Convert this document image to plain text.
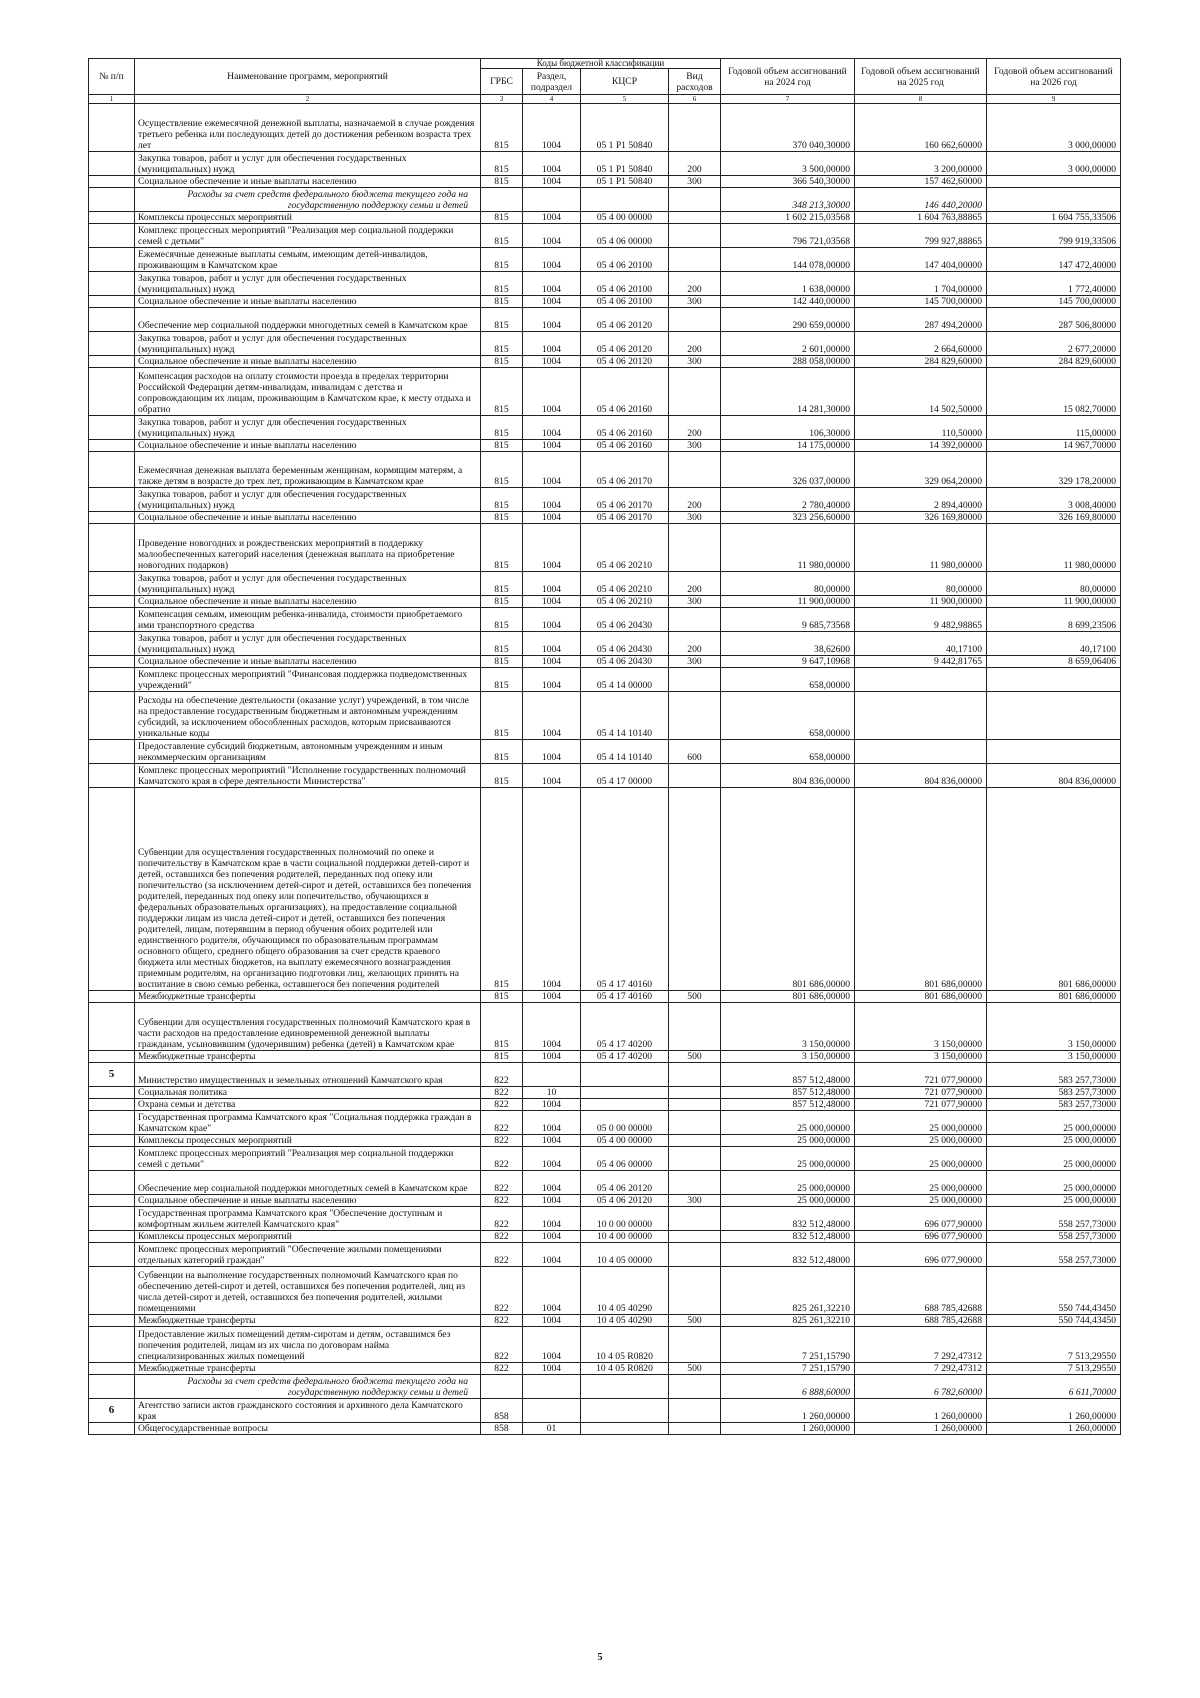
№ п/п	Наименование программ, мероприятий	Коды бюджетной классификации				Годовой объем ассигнований на 2024 год	Годовой объем ассигнований на 2025 год	Годовой объем ассигнований на 2026 год
		ГРБС	Раздел, подраздел	КЦСР	Вид расходов			
1	2	3	4	5	6	7	8	9
	Осуществление ежемесячной денежной выплаты, назначаемой в случае рождения третьего ребенка или последующих детей до достижения ребенком возраста трех лет	815	1004	05 1 P1 50840		370 040,30000	160 662,60000	3 000,00000
	Закупка товаров, работ и услуг для обеспечения государственных (муниципальных) нужд	815	1004	05 1 P1 50840	200	3 500,00000	3 200,00000	3 000,00000
	Социальное обеспечение и иные выплаты населению	815	1004	05 1 P1 50840	300	366 540,30000	157 462,60000	
	Расходы за счет средств федерального бюджета текущего года на государственную поддержку семьи и детей					348 213,30000	146 440,20000	
	Комплексы процессных мероприятий	815	1004	05 4 00 00000		1 602 215,03568	1 604 763,88865	1 604 755,33506
	Комплекс процессных мероприятий "Реализация мер социальной поддержки семей с детьми"	815	1004	05 4 06 00000		796 721,03568	799 927,88865	799 919,33506
	Ежемесячные денежные выплаты семьям, имеющим детей-инвалидов, проживающим в Камчатском крае	815	1004	05 4 06 20100		144 078,00000	147 404,00000	147 472,40000
	Закупка товаров, работ и услуг для обеспечения государственных (муниципальных) нужд	815	1004	05 4 06 20100	200	1 638,00000	1 704,00000	1 772,40000
	Социальное обеспечение и иные выплаты населению	815	1004	05 4 06 20100	300	142 440,00000	145 700,00000	145 700,00000
	Обеспечение мер социальной поддержки многодетных семей в Камчатском крае	815	1004	05 4 06 20120		290 659,00000	287 494,20000	287 506,80000
	Закупка товаров, работ и услуг для обеспечения государственных (муниципальных) нужд	815	1004	05 4 06 20120	200	2 601,00000	2 664,60000	2 677,20000
	Социальное обеспечение и иные выплаты населению	815	1004	05 4 06 20120	300	288 058,00000	284 829,60000	284 829,60000
	Компенсация расходов на оплату стоимости проезда в пределах территории Российской Федерации детям-инвалидам, инвалидам с детства и сопровождающим их лицам, проживающим в Камчатском крае, к месту отдыха и обратно	815	1004	05 4 06 20160		14 281,30000	14 502,50000	15 082,70000
	Закупка товаров, работ и услуг для обеспечения государственных (муниципальных) нужд	815	1004	05 4 06 20160	200	106,30000	110,50000	115,00000
	Социальное обеспечение и иные выплаты населению	815	1004	05 4 06 20160	300	14 175,00000	14 392,00000	14 967,70000
	Ежемесячная денежная выплата беременным женщинам, кормящим матерям, а также детям в возрасте до трех лет, проживающим в Камчатском крае	815	1004	05 4 06 20170		326 037,00000	329 064,20000	329 178,20000
	Закупка товаров, работ и услуг для обеспечения государственных (муниципальных) нужд	815	1004	05 4 06 20170	200	2 780,40000	2 894,40000	3 008,40000
	Социальное обеспечение и иные выплаты населению	815	1004	05 4 06 20170	300	323 256,60000	326 169,80000	326 169,80000
	Проведение новогодних и рождественских мероприятий в поддержку малообеспеченных категорий населения (денежная выплата на приобретение новогодних подарков)	815	1004	05 4 06 20210		11 980,00000	11 980,00000	11 980,00000
	Закупка товаров, работ и услуг для обеспечения государственных (муниципальных) нужд	815	1004	05 4 06 20210	200	80,00000	80,00000	80,00000
	Социальное обеспечение и иные выплаты населению	815	1004	05 4 06 20210	300	11 900,00000	11 900,00000	11 900,00000
	Компенсация семьям, имеющим ребенка-инвалида, стоимости приобретаемого ими транспортного средства	815	1004	05 4 06 20430		9 685,73568	9 482,98865	8 699,23506
	Закупка товаров, работ и услуг для обеспечения государственных (муниципальных) нужд	815	1004	05 4 06 20430	200	38,62600	40,17100	40,17100
	Социальное обеспечение и иные выплаты населению	815	1004	05 4 06 20430	300	9 647,10968	9 442,81765	8 659,06406
	Комплекс процессных мероприятий "Финансовая поддержка подведомственных учреждений"	815	1004	05 4 14 00000		658,00000		
	Расходы на обеспечение деятельности (оказание услуг) учреждений, в том числе на предоставление государственным бюджетным и автономным учреждениям субсидий, за исключением обособленных расходов, которым присваиваются уникальные коды	815	1004	05 4 14 10140		658,00000		
	Предоставление субсидий бюджетным, автономным учреждениям и иным некоммерческим организациям	815	1004	05 4 14 10140	600	658,00000		
	Комплекс процессных мероприятий "Исполнение государственных полномочий Камчатского края в сфере деятельности Министерства"	815	1004	05 4 17 00000		804 836,00000	804 836,00000	804 836,00000
	Субвенции для осуществления государственных полномочий по опеке и попечительству в Камчатском крае в части социальной поддержки детей-сирот и детей, оставшихся без попечения родителей, переданных под опеку или попечительство (за исключением детей-сирот и детей, оставшихся без попечения родителей, переданных под опеку или попечительство, обучающихся в федеральных образовательных организациях), на предоставление социальной поддержки лицам из числа детей-сирот и детей, оставшихся без попечения родителей, лицам, потерявшим в период обучения обоих родителей или единственного родителя, обучающимся по образовательным программам основного общего, среднего общего образования за счет средств краевого бюджета или местных бюджетов, на выплату ежемесячного вознаграждения приемным родителям, на организацию подготовки лиц, желающих принять на воспитание в свою семью ребенка, оставшегося без попечения родителей	815	1004	05 4 17 40160		801 686,00000	801 686,00000	801 686,00000
	Межбюджетные трансферты	815	1004	05 4 17 40160	500	801 686,00000	801 686,00000	801 686,00000
	Субвенции для осуществления государственных полномочий Камчатского края в части расходов на предоставление единовременной денежной выплаты гражданам, усыновившим (удочерившим) ребенка (детей) в Камчатском крае	815	1004	05 4 17 40200		3 150,00000	3 150,00000	3 150,00000
	Межбюджетные трансферты	815	1004	05 4 17 40200	500	3 150,00000	3 150,00000	3 150,00000
5	Министерство имущественных и земельных отношений Камчатского края	822				857 512,48000	721 077,90000	583 257,73000
	Социальная политика	822	10			857 512,48000	721 077,90000	583 257,73000
	Охрана семьи и детства	822	1004			857 512,48000	721 077,90000	583 257,73000
	Государственная программа Камчатского края "Социальная поддержка граждан в Камчатском крае"	822	1004	05 0 00 00000		25 000,00000	25 000,00000	25 000,00000
	Комплексы процессных мероприятий	822	1004	05 4 00 00000		25 000,00000	25 000,00000	25 000,00000
	Комплекс процессных мероприятий "Реализация мер социальной поддержки семей с детьми"	822	1004	05 4 06 00000		25 000,00000	25 000,00000	25 000,00000
	Обеспечение мер социальной поддержки многодетных семей в Камчатском крае	822	1004	05 4 06 20120		25 000,00000	25 000,00000	25 000,00000
	Социальное обеспечение и иные выплаты населению	822	1004	05 4 06 20120	300	25 000,00000	25 000,00000	25 000,00000
	Государственная программа Камчатского края "Обеспечение доступным и комфортным жильем жителей Камчатского края"	822	1004	10 0 00 00000		832 512,48000	696 077,90000	558 257,73000
	Комплексы процессных мероприятий	822	1004	10 4 00 00000		832 512,48000	696 077,90000	558 257,73000
	Комплекс процессных мероприятий "Обеспечение жилыми помещениями отдельных категорий граждан"	822	1004	10 4 05 00000		832 512,48000	696 077,90000	558 257,73000
	Субвенции на выполнение государственных полномочий Камчатского края по обеспечению детей-сирот и детей, оставшихся без попечения родителей, лиц из числа детей-сирот и детей, оставшихся без попечения родителей, жилыми помещениями	822	1004	10 4 05 40290		825 261,32210	688 785,42688	550 744,43450
	Межбюджетные трансферты	822	1004	10 4 05 40290	500	825 261,32210	688 785,42688	550 744,43450
	Предоставление жилых помещений детям-сиротам и детям, оставшимся без попечения родителей, лицам из их числа по договорам найма специализированных жилых помещений	822	1004	10 4 05 R0820		7 251,15790	7 292,47312	7 513,29550
	Межбюджетные трансферты	822	1004	10 4 05 R0820	500	7 251,15790	7 292,47312	7 513,29550
	Расходы за счет средств федерального бюджета текущего года на государственную поддержку семьи и детей					6 888,60000	6 782,60000	6 611,70000
6	Агентство записи актов гражданского состояния и архивного дела Камчатского края	858				1 260,00000	1 260,00000	1 260,00000
	Общегосударственные вопросы	858	01			1 260,00000	1 260,00000	1 260,00000
5
